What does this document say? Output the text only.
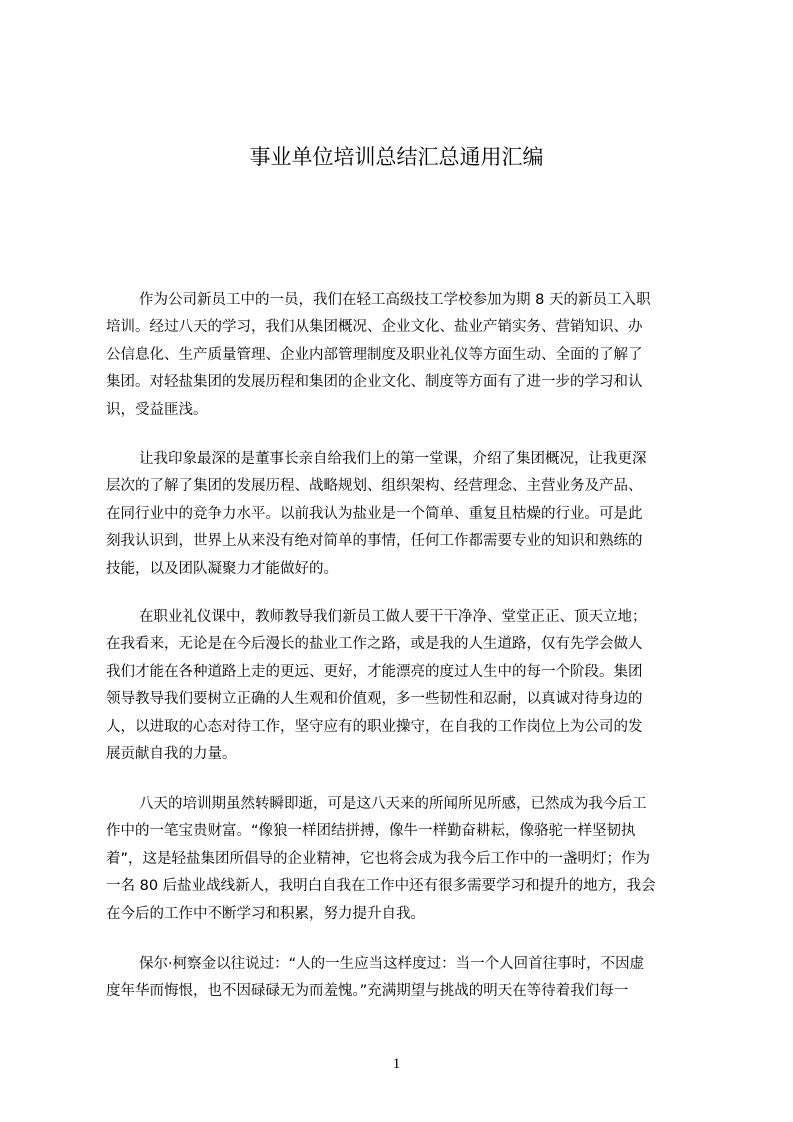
事业单位培训总结汇总通用汇编
作为公司新员工中的一员，我们在轻工高级技工学校参加为期 8 天的新员工入职
培训。经过八天的学习，我们从集团概况、企业文化、盐业产销实务、营销知识、办
公信息化、生产质量管理、企业内部管理制度及职业礼仪等方面生动、全面的了解了
集团。对轻盐集团的发展历程和集团的企业文化、制度等方面有了进一步的学习和认
识，受益匪浅。
让我印象最深的是董事长亲自给我们上的第一堂课，介绍了集团概况，让我更深
层次的了解了集团的发展历程、战略规划、组织架构、经营理念、主营业务及产品、
在同行业中的竞争力水平。以前我认为盐业是一个简单、重复且枯燥的行业。可是此
刻我认识到，世界上从来没有绝对简单的事情，任何工作都需要专业的知识和熟练的
技能，以及团队凝聚力才能做好的。
在职业礼仪课中，教师教导我们新员工做人要干干净净、堂堂正正、顶天立地；
在我看来，无论是在今后漫长的盐业工作之路，或是我的人生道路，仅有先学会做人
我们才能在各种道路上走的更远、更好，才能漂亮的度过人生中的每一个阶段。集团
领导教导我们要树立正确的人生观和价值观，多一些韧性和忍耐，以真诚对待身边的
人，以进取的心态对待工作，坚守应有的职业操守，在自我的工作岗位上为公司的发
展贡献自我的力量。
八天的培训期虽然转瞬即逝，可是这八天来的所闻所见所感，已然成为我今后工
作中的一笔宝贵财富。“像狼一样团结拼搏，像牛一样勤奋耕耘，像骆驼一样坚韧执
着”，这是轻盐集团所倡导的企业精神，它也将会成为我今后工作中的一盏明灯；作为
一名 80 后盐业战线新人，我明白自我在工作中还有很多需要学习和提升的地方，我会
在今后的工作中不断学习和积累，努力提升自我。
保尔·柯察金以往说过：“人的一生应当这样度过：当一个人回首往事时，不因虚
度年华而悔恨，也不因碌碌无为而羞愧。”充满期望与挑战的明天在等待着我们每一
1
